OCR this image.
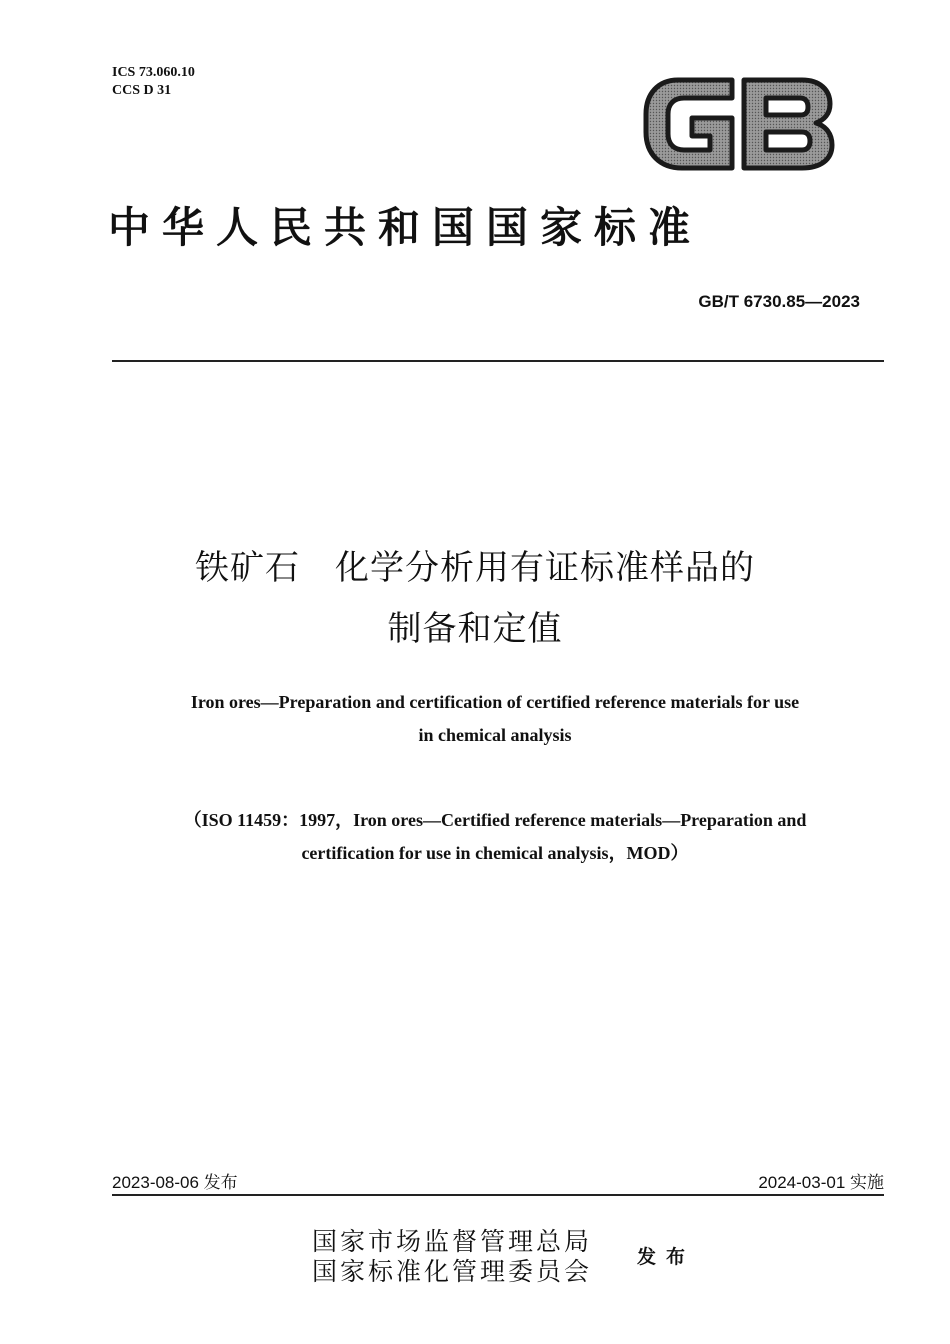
ICS 73.060.10
CCS D 31
GB
中华人民共和国国家标准
GB/T 6730.85—2023
铁矿石　化学分析用有证标准样品的
制备和定值
Iron ores—Preparation and certification of certified reference materials for use
in chemical analysis
（ISO 11459：1997，Iron ores—Certified reference materials—Preparation and
certification for use in chemical analysis，MOD）
2023-08-06 发布	2024-03-01 实施
国家市场监督管理总局
国家标准化管理委员会 发布
